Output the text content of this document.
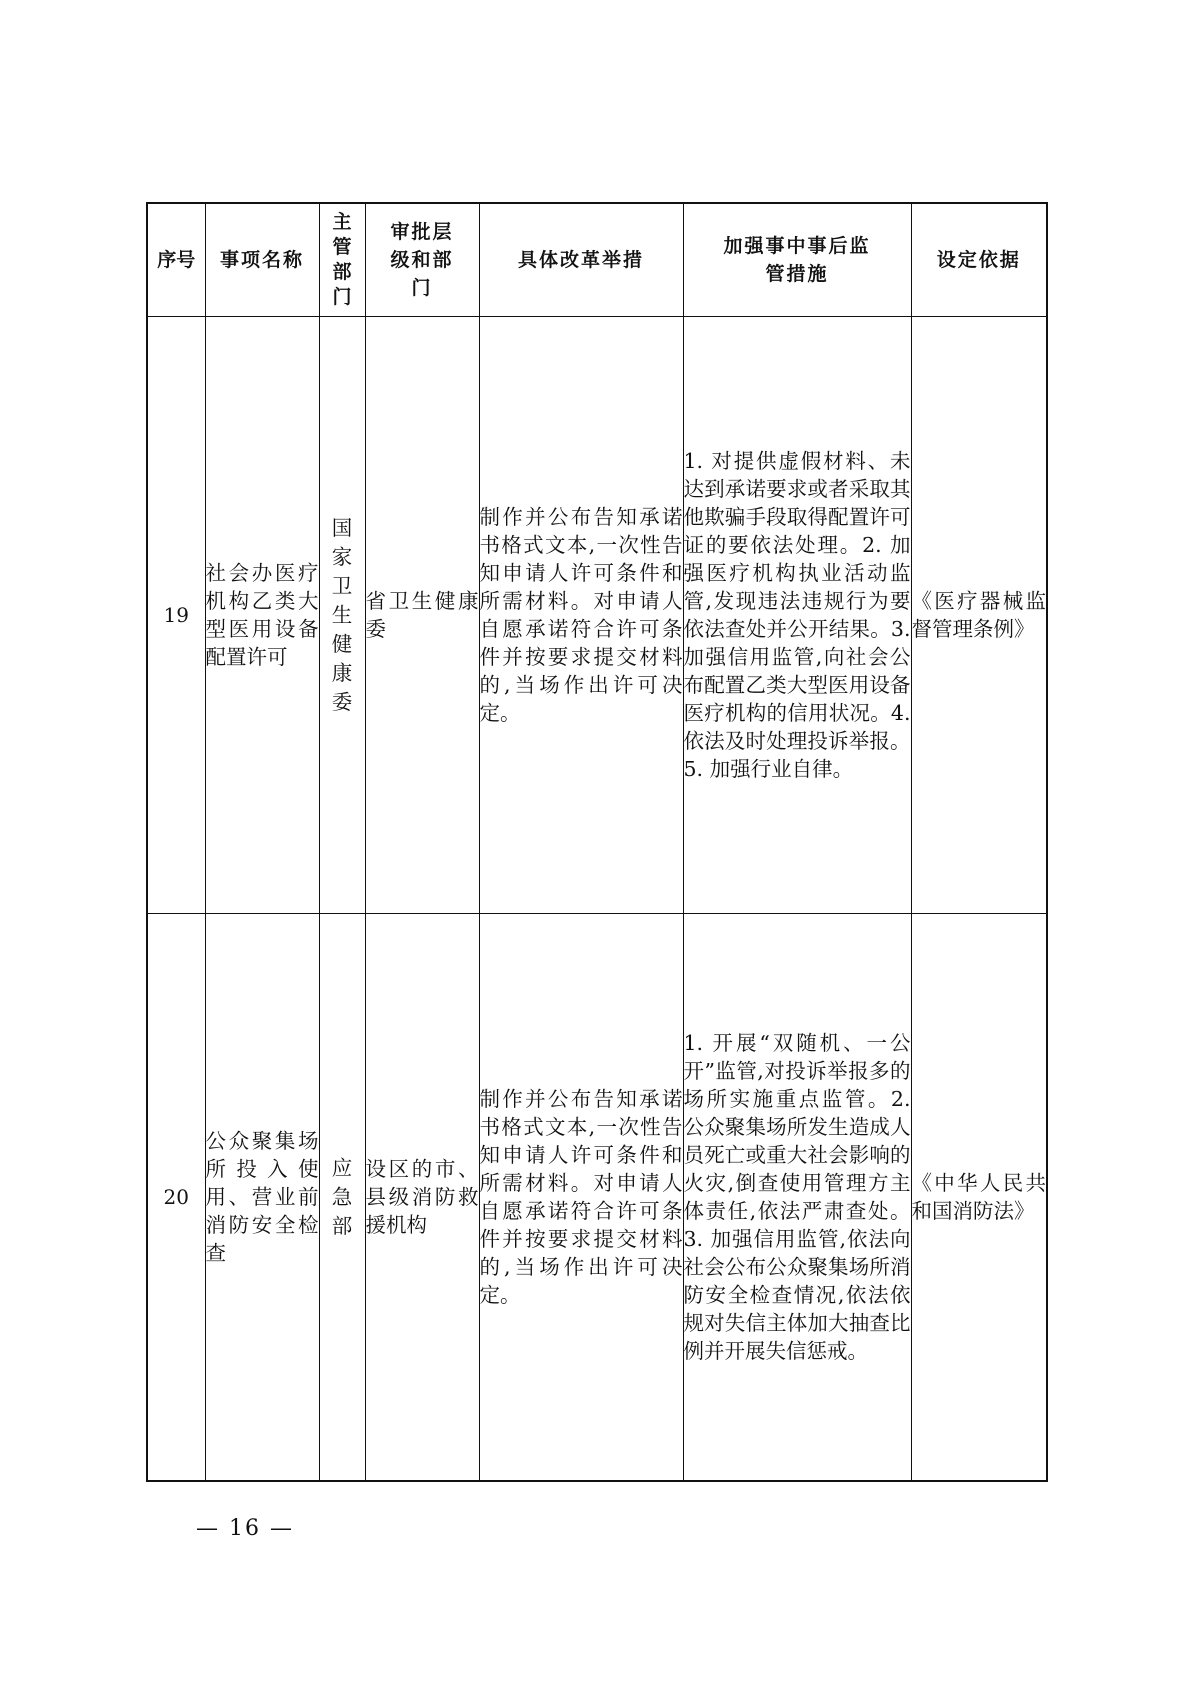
序号	事项名称	主管部门	审批层级和部门	具体改革举措	加强事中事后监管措施	设定依据
19	社会办医疗机构乙类大型医用设备配置许可	国家卫生健康委	省卫生健康委	制作并公布告知承诺书格式文本,一次性告知申请人许可条件和所需材料。对申请人自愿承诺符合许可条件并按要求提交材料的,当场作出许可决定。	1. 对提供虚假材料、未达到承诺要求或者采取其他欺骗手段取得配置许可证的要依法处理。2. 加强医疗机构执业活动监管,发现违法违规行为要依法查处并公开结果。3. 加强信用监管,向社会公布配置乙类大型医用设备医疗机构的信用状况。4. 依法及时处理投诉举报。5. 加强行业自律。	《医疗器械监督管理条例》
20	公众聚集场所投入使用、营业前消防安全检查	应急部	设区的市、县级消防救援机构	制作并公布告知承诺书格式文本,一次性告知申请人许可条件和所需材料。对申请人自愿承诺符合许可条件并按要求提交材料的,当场作出许可决定。	1. 开展“双随机、一公开”监管,对投诉举报多的场所实施重点监管。2. 公众聚集场所发生造成人员死亡或重大社会影响的火灾,倒查使用管理方主体责任,依法严肃查处。3. 加强信用监管,依法向社会公布公众聚集场所消防安全检查情况,依法依规对失信主体加大抽查比例并开展失信惩戒。	《中华人民共和国消防法》
— 16 —
